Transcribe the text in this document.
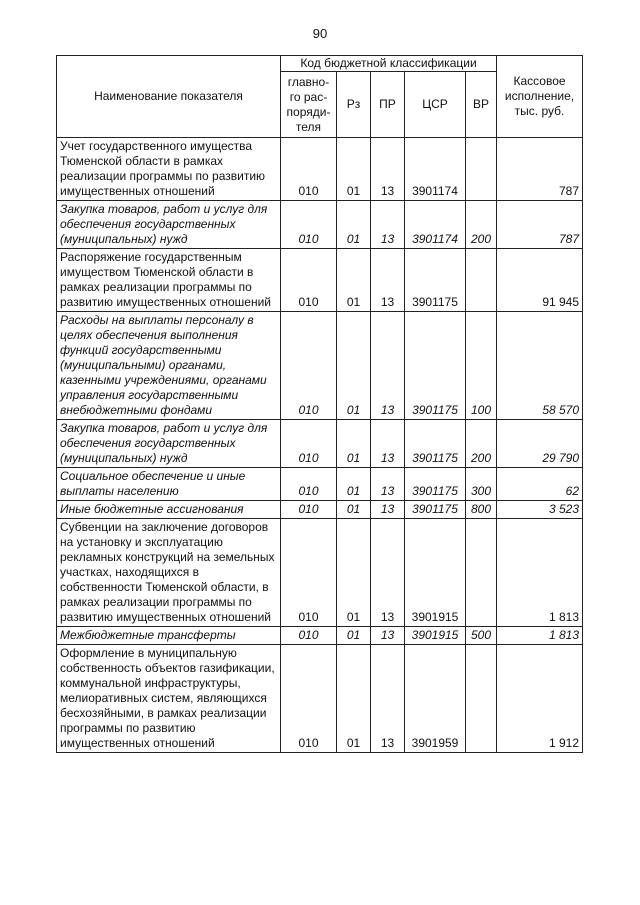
90
Наименование показателя	Код бюджетной классификации					Кассовое исполнение, тыс. руб.
	главно-го рас-поряди-теля	Рз	ПР	ЦСР	ВР	
Учет государственного имущества Тюменской области в рамках реализации программы по развитию имущественных отношений	010	01	13	3901174		787
Закупка товаров, работ и услуг для обеспечения государственных (муниципальных) нужд	010	01	13	3901174	200	787
Распоряжение государственным имуществом Тюменской области в рамках реализации программы по развитию имущественных отношений	010	01	13	3901175		91 945
Расходы на выплаты персоналу в целях обеспечения выполнения функций государственными (муниципальными) органами, казенными учреждениями, органами управления государственными внебюджетными фондами	010	01	13	3901175	100	58 570
Закупка товаров, работ и услуг для обеспечения государственных (муниципальных) нужд	010	01	13	3901175	200	29 790
Социальное обеспечение и иные выплаты населению	010	01	13	3901175	300	62
Иные бюджетные ассигнования	010	01	13	3901175	800	3 523
Субвенции на заключение договоров на установку и эксплуатацию рекламных конструкций на земельных участках, находящихся в собственности Тюменской области, в рамках реализации программы по развитию имущественных отношений	010	01	13	3901915		1 813
Межбюджетные трансферты	010	01	13	3901915	500	1 813
Оформление в муниципальную собственность объектов газификации, коммунальной инфраструктуры, мелиоративных систем, являющихся бесхозяйными, в рамках реализации программы по развитию имущественных отношений	010	01	13	3901959		1 912
